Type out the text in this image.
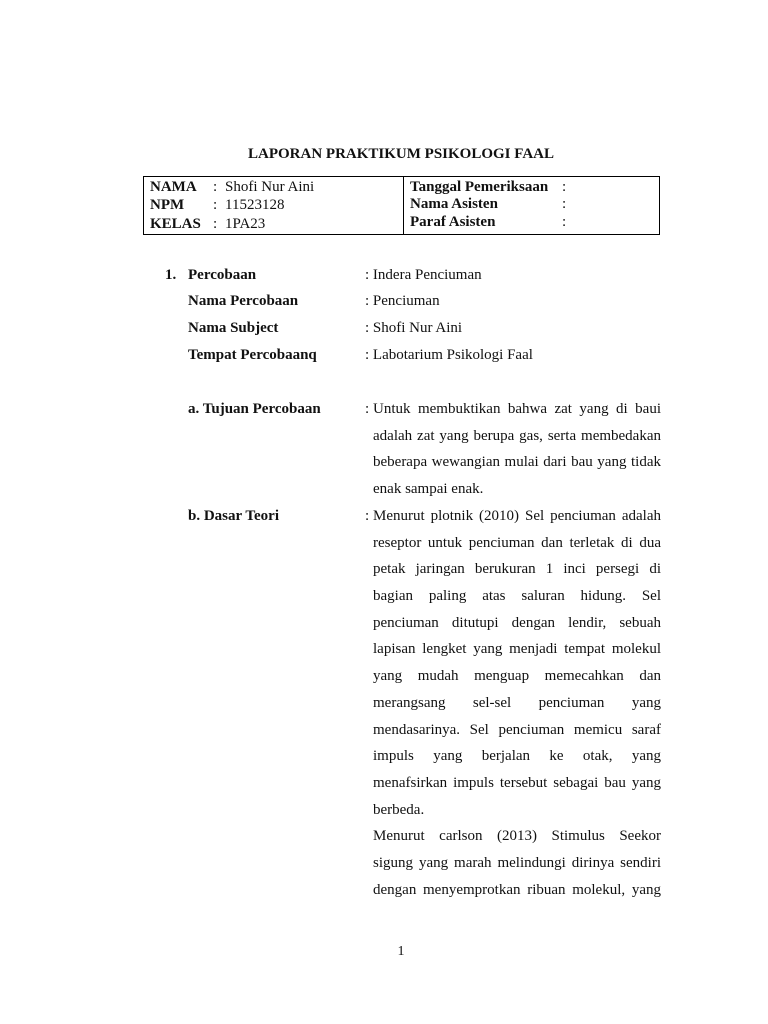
LAPORAN PRAKTIKUM PSIKOLOGI FAAL
NAMA : Shofi Nur Aini
NPM : 11523128
KELAS : 1PA23
Tanggal Pemeriksaan :
Nama Asisten	:
Paraf Asisten	:
1. Percobaan	: Indera Penciuman
Nama Percobaan	: Penciuman
Nama Subject	: Shofi Nur Aini
Tempat Percobaanq	: Labotarium Psikologi Faal
a. Tujuan Percobaan	: Untuk membuktikan bahwa zat yang di baui
adalah zat yang berupa gas, serta membedakan
beberapa wewangian mulai dari bau yang tidak
enak sampai enak.
b. Dasar Teori	: Menurut plotnik (2010) Sel penciuman adalah
reseptor untuk penciuman dan terletak di dua
petak jaringan berukuran 1 inci persegi di
bagian paling atas saluran hidung. Sel
penciuman ditutupi dengan lendir, sebuah
lapisan lengket yang menjadi tempat molekul
yang mudah menguap memecahkan dan
merangsang sel-sel penciuman yang
mendasarinya. Sel penciuman memicu saraf
impuls yang berjalan ke otak, yang
menafsirkan impuls tersebut sebagai bau yang
berbeda.
Menurut carlson (2013) Stimulus Seekor
sigung yang marah melindungi dirinya sendiri
dengan menyemprotkan ribuan molekul, yang
1
